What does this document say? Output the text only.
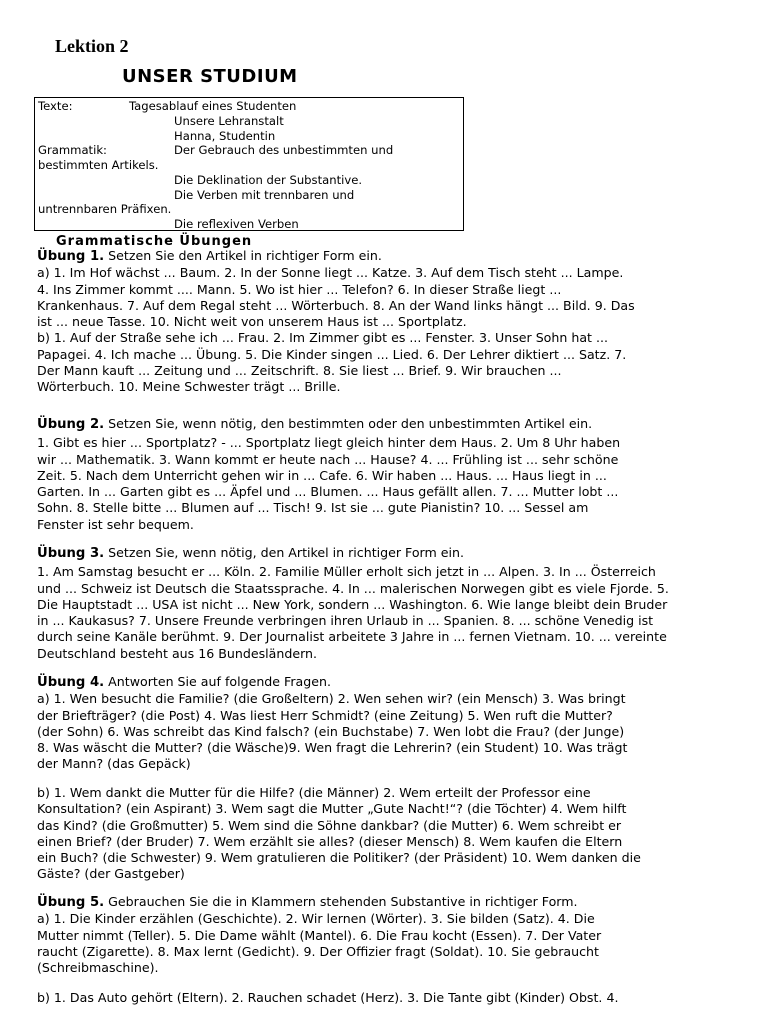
Lektion 2
UNSER STUDIUM
Texte:	Tagesablauf eines Studenten
Unsere Lehranstalt
Hanna, Studentin
Grammatik:	Der Gebrauch des unbestimmten und
bestimmten Artikels.
Die Deklination der Substantive.
Die Verben mit trennbaren und
untrennbaren Präfixen.
Die reflexiven Verben
Grammatische Übungen

Übung 1. Setzen Sie den Artikel in richtiger Form ein.

a) 1. Im Hof wächst ... Baum. 2. In der Sonne liegt ... Katze. 3. Auf dem Tisch steht ... Lampe.

4. Ins Zimmer kommt .... Mann. 5. Wo ist hier ... Telefon? 6. In dieser Straße liegt ...

Krankenhaus. 7. Auf dem Regal steht ... Wörterbuch. 8. An der Wand links hängt ... Bild. 9. Das

ist ... neue Tasse. 10. Nicht weit von unserem Haus ist ... Sportplatz.

b) 1. Auf der Straße sehe ich ... Frau. 2. Im Zimmer gibt es ... Fenster. 3. Unser Sohn hat ...

Papagei. 4. Ich mache ... Übung. 5. Die Kinder singen ... Lied. 6. Der Lehrer diktiert ... Satz. 7.

Der Mann kauft ... Zeitung und ... Zeitschrift. 8. Sie liest ... Brief. 9. Wir brauchen ...

Wörterbuch. 10. Meine Schwester trägt ... Brille.

Übung 2. Setzen Sie, wenn nötig, den bestimmten oder den unbestimmten Artikel ein.

1. Gibt es hier ... Sportplatz? - ... Sportplatz liegt gleich hinter dem Haus. 2. Um 8 Uhr haben

wir ... Mathematik. 3. Wann kommt er heute nach ... Hause? 4. ... Frühling ist ... sehr schöne

Zeit. 5. Nach dem Unterricht gehen wir in ... Cafe. 6. Wir haben ... Haus. ... Haus liegt in ...

Garten. In ... Garten gibt es ... Äpfel und ... Blumen. ... Haus gefällt allen. 7. ... Mutter lobt ...

Sohn. 8. Stelle bitte ... Blumen auf ... Tisch! 9. Ist sie ... gute Pianistin? 10. ... Sessel am

Fenster ist sehr bequem.

Übung 3. Setzen Sie, wenn nötig, den Artikel in richtiger Form ein.

1. Am Samstag besucht er ... Köln. 2. Familie Müller erholt sich jetzt in ... Alpen. 3. In ... Österreich

und ... Schweiz ist Deutsch die Staatssprache. 4. In ... malerischen Norwegen gibt es viele Fjorde. 5.

Die Hauptstadt ... USA ist nicht ... New York, sondern ... Washington. 6. Wie lange bleibt dein Bruder

in ... Kaukasus? 7. Unsere Freunde verbringen ihren Urlaub in ... Spanien. 8. ... schöne Venedig ist

durch seine Kanäle berühmt. 9. Der Journalist arbeitete 3 Jahre in ... fernen Vietnam. 10. ... vereinte

Deutschland besteht aus 16 Bundesländern.

Übung 4. Antworten Sie auf folgende Fragen.

a) 1. Wen besucht die Familie? (die Großeltern) 2. Wen sehen wir? (ein Mensch) 3. Was bringt

der Briefträger? (die Post) 4. Was liest Herr Schmidt? (eine Zeitung) 5. Wen ruft die Mutter?

(der Sohn) 6. Was schreibt das Kind falsch? (ein Buchstabe) 7. Wen lobt die Frau? (der Junge)

8. Was wäscht die Mutter? (die Wäsche)9. Wen fragt die Lehrerin? (ein Student) 10. Was trägt

der Mann? (das Gepäck)

b) 1. Wem dankt die Mutter für die Hilfe? (die Männer) 2. Wem erteilt der Professor eine

Konsultation? (ein Aspirant) 3. Wem sagt die Mutter „Gute Nacht!“? (die Töchter) 4. Wem hilft

das Kind? (die Großmutter) 5. Wem sind die Söhne dankbar? (die Mutter) 6. Wem schreibt er

einen Brief? (der Bruder) 7. Wem erzählt sie alles? (dieser Mensch) 8. Wem kaufen die Eltern

ein Buch? (die Schwester) 9. Wem gratulieren die Politiker? (der Präsident) 10. Wem danken die

Gäste? (der Gastgeber)

Übung 5. Gebrauchen Sie die in Klammern stehenden Substantive in richtiger Form.

a) 1. Die Kinder erzählen (Geschichte). 2. Wir lernen (Wörter). 3. Sie bilden (Satz). 4. Die

Mutter nimmt (Teller). 5. Die Dame wählt (Mantel). 6. Die Frau kocht (Essen). 7. Der Vater

raucht (Zigarette). 8. Max lernt (Gedicht). 9. Der Offizier fragt (Soldat). 10. Sie gebraucht

(Schreibmaschine).

b) 1. Das Auto gehört (Eltern). 2. Rauchen schadet (Herz). 3. Die Tante gibt (Kinder) Obst. 4.
